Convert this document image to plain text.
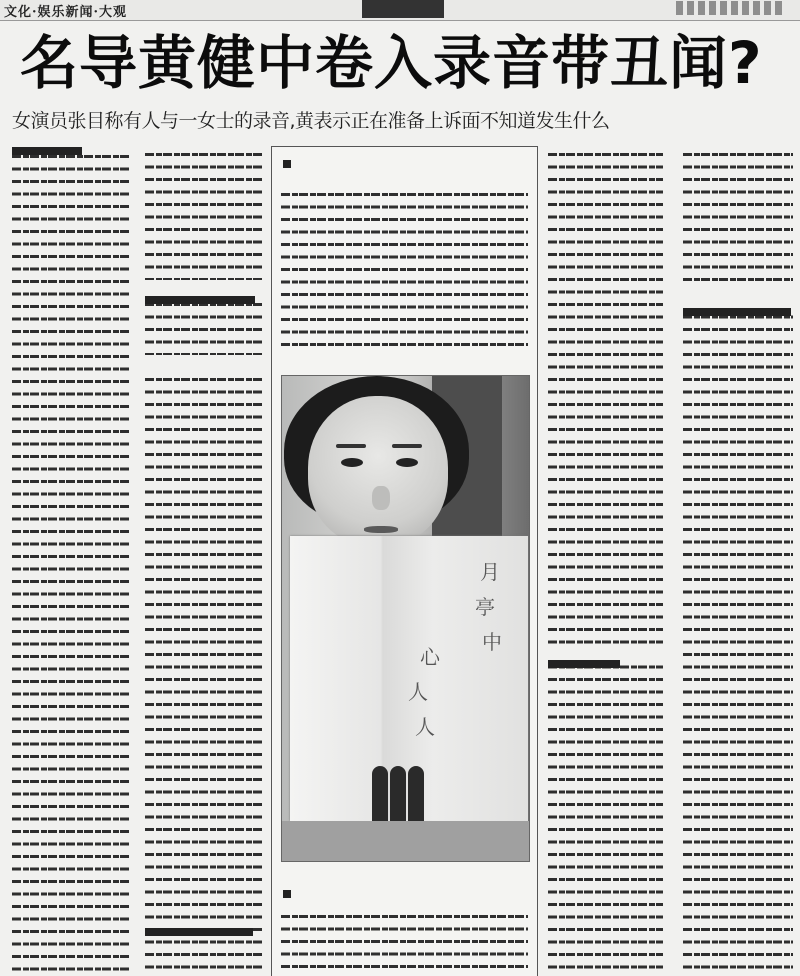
文化·娱乐新闻·大观
名导黄健中卷入录音带丑闻?
女演员张目称有人与一女士的录音,黄表示正在准备上诉面不知道发生什么
月
亭
中
心
人
人
